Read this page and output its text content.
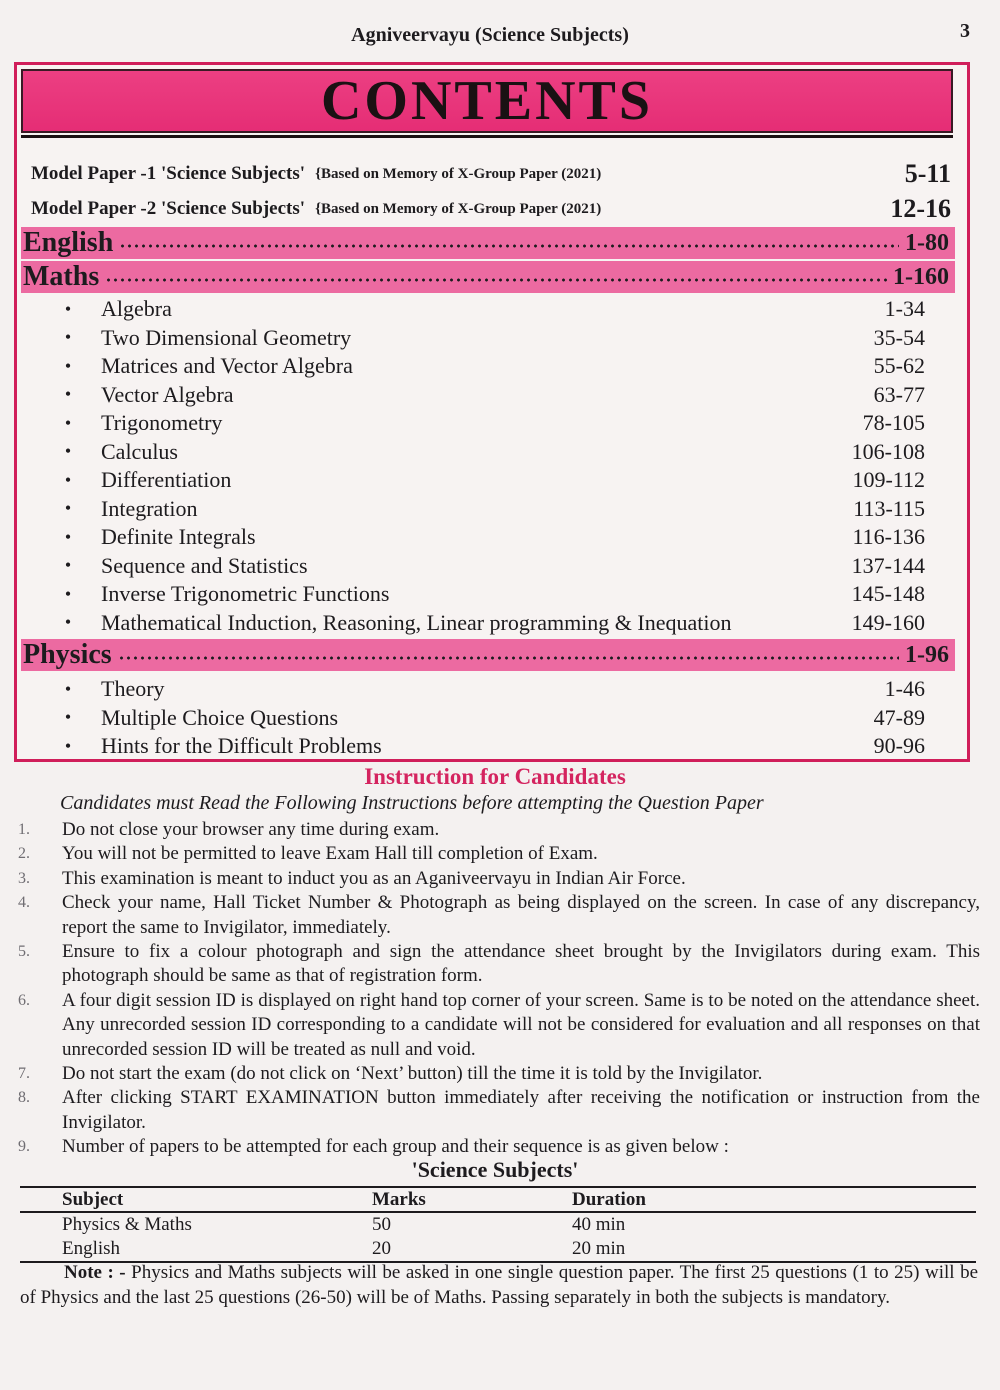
Agniveervayu (Science Subjects)	3
CONTENTS
Model Paper -1 'Science Subjects' {Based on Memory of X-Group Paper (2021)	5-11
Model Paper -2 'Science Subjects' {Based on Memory of X-Group Paper (2021)	12-16
English	1-80
Maths	1-160
•	Algebra	1-34
•	Two Dimensional Geometry	35-54
•	Matrices and Vector Algebra	55-62
•	Vector Algebra	63-77
•	Trigonometry	78-105
•	Calculus	106-108
•	Differentiation	109-112
•	Integration	113-115
•	Definite Integrals	116-136
•	Sequence and Statistics	137-144
•	Inverse Trigonometric Functions	145-148
•	Mathematical Induction, Reasoning, Linear programming & Inequation	149-160
Physics	1-96
•	Theory	1-46
•	Multiple Choice Questions	47-89
•	Hints for the Difficult Problems	90-96
Instruction for Candidates
Candidates must Read the Following Instructions before attempting the Question Paper
1.	Do not close your browser any time during exam.
2.	You will not be permitted to leave Exam Hall till completion of Exam.
3.	This examination is meant to induct you as an Aganiveervayu in Indian Air Force.
4.	Check your name, Hall Ticket Number & Photograph as being displayed on the screen. In case of any discrepancy, report the same to Invigilator, immediately.
5.	Ensure to fix a colour photograph and sign the attendance sheet brought by the Invigilators during exam. This photograph should be same as that of registration form.
6.	A four digit session ID is displayed on right hand top corner of your screen. Same is to be noted on the attendance sheet. Any unrecorded session ID corresponding to a candidate will not be considered for evaluation and all responses on that unrecorded session ID will be treated as null and void.
7.	Do not start the exam (do not click on ‘Next’ button) till the time it is told by the Invigilator.
8.	After clicking START EXAMINATION button immediately after receiving the notification or instruction from the Invigilator.
9.	Number of papers to be attempted for each group and their sequence is as given below :
'Science Subjects'
Subject	Marks	Duration
Physics & Maths	50	40 min
English	20	20 min
Note : - Physics and Maths subjects will be asked in one single question paper. The first 25 questions (1 to 25) will be of Physics and the last 25 questions (26-50) will be of Maths. Passing separately in both the subjects is mandatory.
